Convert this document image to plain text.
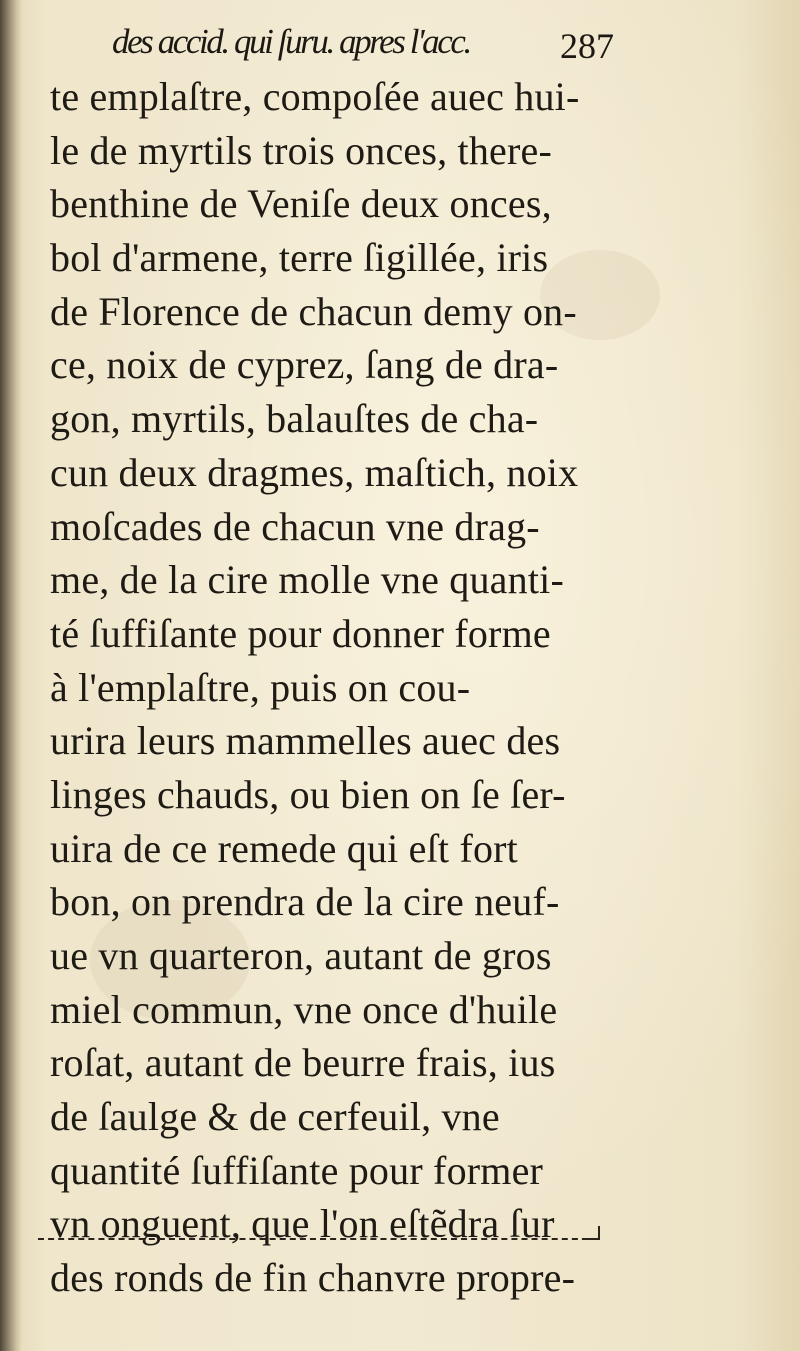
des accid. qui ſuru. apres l'acc.	287
te emplaſtre, compoſée auec hui-
le de myrtils trois onces, there-
benthine de Veniſe deux onces,
bol d'armene, terre ſigillée, iris
de Florence de chacun demy on-
ce, noix de cyprez, ſang de dra-
gon, myrtils, balauſtes de cha-
cun deux dragmes, maſtich, noix
moſcades de chacun vne drag-
me, de la cire molle vne quanti-
té ſuffiſante pour donner forme
à l'emplaſtre, puis on cou-
urira leurs mammelles auec des
linges chauds, ou bien on ſe ſer-
uira de ce remede qui eſt fort
bon, on prendra de la cire neuf-
ue vn quarteron, autant de gros
miel commun, vne once d'huile
roſat, autant de beurre frais, ius
de ſaulge & de cerfeuil, vne
quantité ſuffiſante pour former
vn onguent, que l'on eſtẽdra ſur
des ronds de fin chanvre propre-
